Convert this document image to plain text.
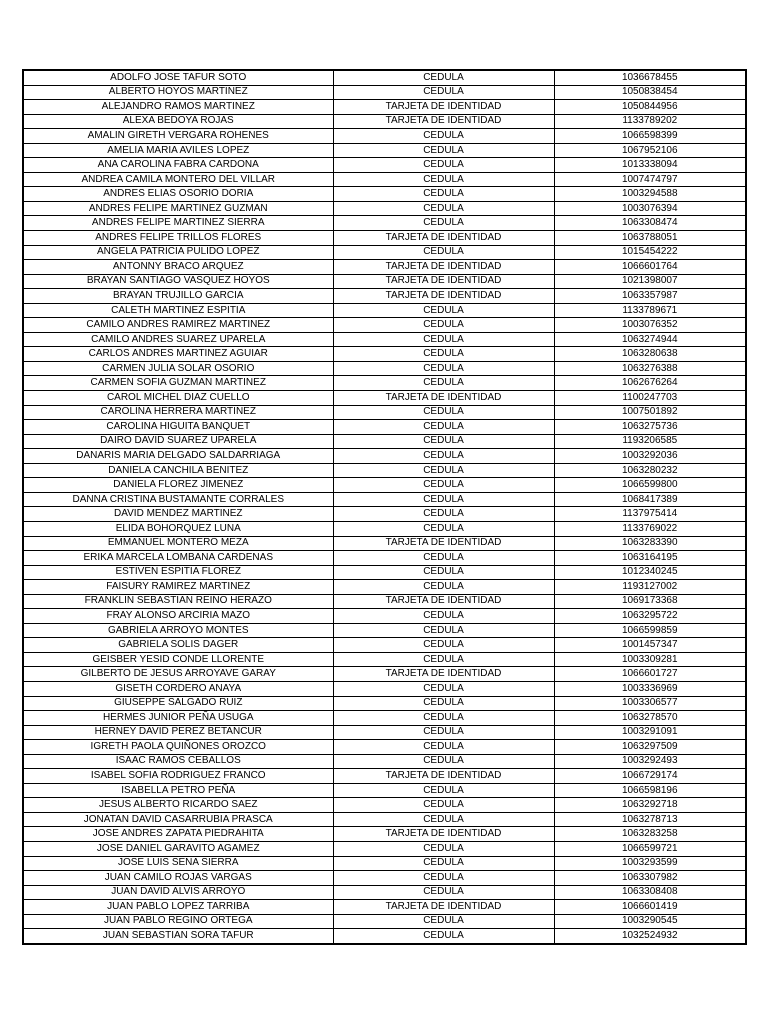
ADOLFO JOSE TAFUR SOTO	CEDULA	1036678455
ALBERTO HOYOS MARTINEZ	CEDULA	1050838454
ALEJANDRO RAMOS MARTINEZ	TARJETA DE IDENTIDAD	1050844956
ALEXA BEDOYA ROJAS	TARJETA DE IDENTIDAD	1133789202
AMALIN GIRETH VERGARA ROHENES	CEDULA	1066598399
AMELIA MARIA AVILES LOPEZ	CEDULA	1067952106
ANA CAROLINA FABRA CARDONA	CEDULA	1013338094
ANDREA CAMILA MONTERO DEL VILLAR	CEDULA	1007474797
ANDRES ELIAS OSORIO DORIA	CEDULA	1003294588
ANDRES FELIPE MARTINEZ GUZMAN	CEDULA	1003076394
ANDRES FELIPE MARTINEZ SIERRA	CEDULA	1063308474
ANDRES FELIPE TRILLOS FLORES	TARJETA DE IDENTIDAD	1063788051
ANGELA PATRICIA PULIDO LOPEZ	CEDULA	1015454222
ANTONNY BRACO ARQUEZ	TARJETA DE IDENTIDAD	1066601764
BRAYAN SANTIAGO VASQUEZ HOYOS	TARJETA DE IDENTIDAD	1021398007
BRAYAN TRUJILLO GARCIA	TARJETA DE IDENTIDAD	1063357987
CALETH MARTINEZ ESPITIA	CEDULA	1133789671
CAMILO ANDRES RAMIREZ MARTINEZ	CEDULA	1003076352
CAMILO ANDRES SUAREZ UPARELA	CEDULA	1063274944
CARLOS ANDRES MARTINEZ AGUIAR	CEDULA	1063280638
CARMEN JULIA SOLAR OSORIO	CEDULA	1063276388
CARMEN SOFIA GUZMAN MARTINEZ	CEDULA	1062676264
CAROL MICHEL DIAZ CUELLO	TARJETA DE IDENTIDAD	1100247703
CAROLINA HERRERA MARTINEZ	CEDULA	1007501892
CAROLINA HIGUITA BANQUET	CEDULA	1063275736
DAIRO DAVID SUAREZ UPARELA	CEDULA	1193206585
DANARIS MARIA DELGADO SALDARRIAGA	CEDULA	1003292036
DANIELA CANCHILA BENITEZ	CEDULA	1063280232
DANIELA FLOREZ JIMENEZ	CEDULA	1066599800
DANNA CRISTINA BUSTAMANTE CORRALES	CEDULA	1068417389
DAVID MENDEZ MARTINEZ	CEDULA	1137975414
ELIDA BOHORQUEZ LUNA	CEDULA	1133769022
EMMANUEL MONTERO MEZA	TARJETA DE IDENTIDAD	1063283390
ERIKA MARCELA LOMBANA CARDENAS	CEDULA	1063164195
ESTIVEN ESPITIA FLOREZ	CEDULA	1012340245
FAISURY RAMIREZ MARTINEZ	CEDULA	1193127002
FRANKLIN SEBASTIAN REINO HERAZO	TARJETA DE IDENTIDAD	1069173368
FRAY ALONSO ARCIRIA MAZO	CEDULA	1063295722
GABRIELA ARROYO MONTES	CEDULA	1066599859
GABRIELA SOLIS DAGER	CEDULA	1001457347
GEISBER YESID CONDE LLORENTE	CEDULA	1003309281
GILBERTO DE JESUS ARROYAVE GARAY	TARJETA DE IDENTIDAD	1066601727
GISETH CORDERO ANAYA	CEDULA	1003336969
GIUSEPPE SALGADO RUIZ	CEDULA	1003306577
HERMES JUNIOR PEÑA USUGA	CEDULA	1063278570
HERNEY DAVID PEREZ BETANCUR	CEDULA	1003291091
IGRETH PAOLA QUIÑONES OROZCO	CEDULA	1063297509
ISAAC RAMOS CEBALLOS	CEDULA	1003292493
ISABEL SOFIA RODRIGUEZ FRANCO	TARJETA DE IDENTIDAD	1066729174
ISABELLA PETRO PEÑA	CEDULA	1066598196
JESUS ALBERTO RICARDO SAEZ	CEDULA	1063292718
JONATAN DAVID CASARRUBIA PRASCA	CEDULA	1063278713
JOSE ANDRES ZAPATA PIEDRAHITA	TARJETA DE IDENTIDAD	1063283258
JOSE DANIEL GARAVITO AGAMEZ	CEDULA	1066599721
JOSE LUIS SENA SIERRA	CEDULA	1003293599
JUAN CAMILO ROJAS VARGAS	CEDULA	1063307982
JUAN DAVID ALVIS ARROYO	CEDULA	1063308408
JUAN PABLO LOPEZ TARRIBA	TARJETA DE IDENTIDAD	1066601419
JUAN PABLO REGINO ORTEGA	CEDULA	1003290545
JUAN SEBASTIAN SORA TAFUR	CEDULA	1032524932
